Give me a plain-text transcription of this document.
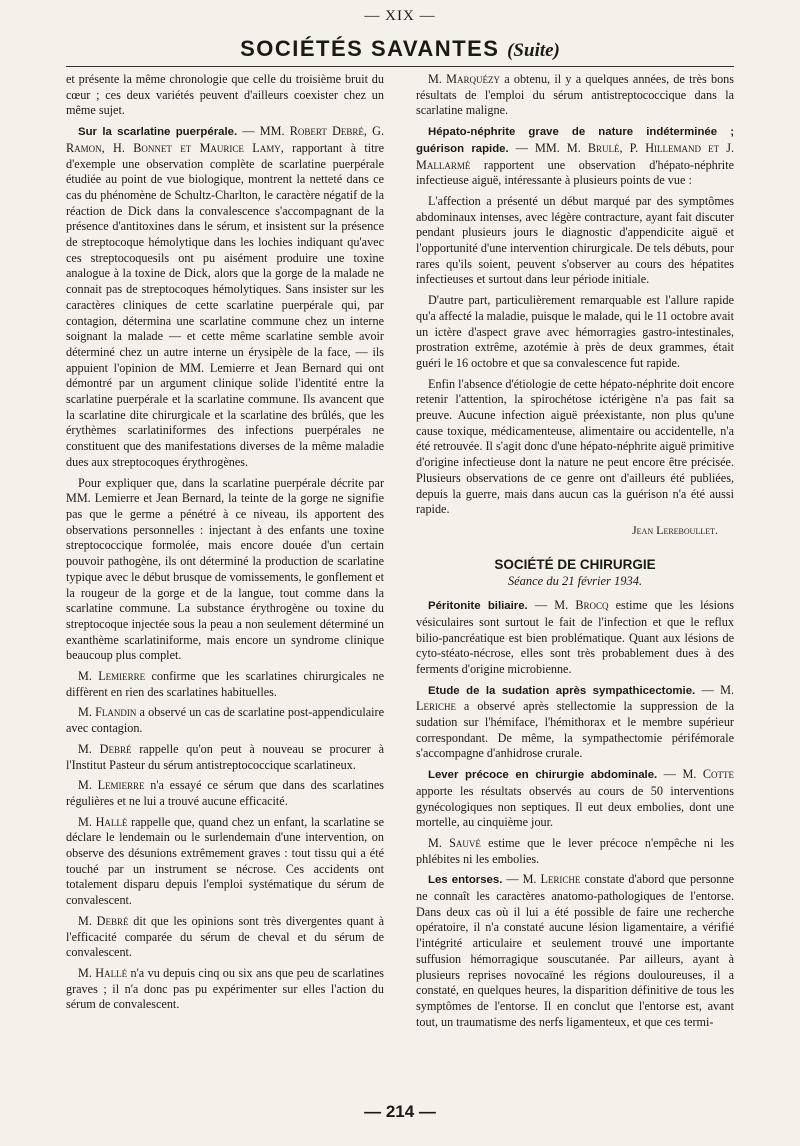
— XIX —
SOCIÉTÉS SAVANTES (Suite)

et présente la même chronologie que celle du troisième bruit du cœur ; ces deux variétés peuvent d'ailleurs coexister chez un même sujet.

Sur la scarlatine puerpérale. — MM. Robert Debré, G. Ramon, H. Bonnet et Maurice Lamy, rapportant à titre d'exemple une observation complète de scarlatine puerpérale étudiée au point de vue biologique, montrent la netteté dans ce cas du phénomène de Schultz-Charlton, le caractère négatif de la réaction de Dick dans la convalescence s'accompagnant de la présence d'antitoxines dans le sérum, et insistent sur la présence de streptocoque hémolytique dans les lochies indiquant qu'avec ces streptocoquesils ont pu aisément produire une toxine analogue à la toxine de Dick, alors que la gorge de la malade ne connait pas de streptocoques hémolytiques. Sans insister sur les caractères cliniques de cette scarlatine puerpérale qui, par contagion, détermina une scarlatine commune chez un interne soignant la malade — et cette même scarlatine semble avoir déterminé chez un autre interne un érysipèle de la face, — ils appuient l'opinion de MM. Lemierre et Jean Bernard qui ont démontré par un argument clinique solide l'identité entre la scarlatine puerpérale et la scarlatine commune. Ils avancent que la scarlatine dite chirurgicale et la scarlatine des brûlés, que les érythèmes scarlatiniformes des infections puerpérales ne constituent que des manifestations diverses de la même maladie dues aux streptocoques érythrogènes.

Pour expliquer que, dans la scarlatine puerpérale décrite par MM. Lemierre et Jean Bernard, la teinte de la gorge ne signifie pas que le germe a pénétré à ce niveau, ils apportent des observations personnelles : injectant à des enfants une toxine streptococcique formolée, mais encore douée d'un certain pouvoir pathogène, ils ont déterminé la production de scarlatine typique avec le début brusque de vomissements, le gonflement et la rougeur de la gorge et de la langue, tout comme dans la scarlatine commune. La substance érythrogène ou toxine du streptocoque injectée sous la peau a non seulement déterminé un exanthème scarlatiniforme, mais encore un syndrome clinique beaucoup plus complet.

M. Lemierre confirme que les scarlatines chirurgicales ne diffèrent en rien des scarlatines habituelles.

M. Flandin a observé un cas de scarlatine post-appendiculaire avec contagion.

M. Debré rappelle qu'on peut à nouveau se procurer à l'Institut Pasteur du sérum antistreptococcique scarlatineux.

M. Lemierre n'a essayé ce sérum que dans des scarlatines régulières et ne lui a trouvé aucune efficacité.

M. Hallé rappelle que, quand chez un enfant, la scarlatine se déclare le lendemain ou le surlendemain d'une intervention, on observe des désunions extrêmement graves : tout tissu qui a été touché par un instrument se nécrose. Ces accidents ont totalement disparu depuis l'emploi systématique du sérum de convalescent.

M. Debré dit que les opinions sont très divergentes quant à l'efficacité comparée du sérum de cheval et du sérum de convalescent.

M. Hallé n'a vu depuis cinq ou six ans que peu de scarlatines graves ; il n'a donc pas pu expérimenter sur elles l'action du sérum de convalescent.

M. Marquézy a obtenu, il y a quelques années, de très bons résultats de l'emploi du sérum antistreptococcique dans la scarlatine maligne.

Hépato-néphrite grave de nature indéterminée ; guérison rapide. — MM. M. Brulé, P. Hillemand et J. Mallarmé rapportent une observation d'hépato-néphrite infectieuse aiguë, intéressante à plusieurs points de vue :

L'affection a présenté un début marqué par des symptômes abdominaux intenses, avec légère contracture, ayant fait discuter pendant plusieurs jours le diagnostic d'appendicite aiguë et l'opportunité d'une intervention chirurgicale. De tels débuts, pour rares qu'ils soient, peuvent s'observer au cours des hépatites infectieuses et surtout dans leur période initiale.

D'autre part, particulièrement remarquable est l'allure rapide qu'a affecté la maladie, puisque le malade, qui le 11 octobre avait un ictère d'aspect grave avec hémorragies gastro-intestinales, prostration extrême, azotémie à près de deux grammes, était guéri le 16 octobre et que sa convalescence fut rapide.

Enfin l'absence d'étiologie de cette hépato-néphrite doit encore retenir l'attention, la spirochétose ictérigène n'a pas fait sa preuve. Aucune infection aiguë préexistante, non plus qu'une cause toxique, médicamenteuse, alimentaire ou accidentelle, n'a été retrouvée. Il s'agit donc d'une hépato-néphrite aiguë primitive d'origine infectieuse dont la nature ne peut encore être précisée. Plusieurs observations de ce genre ont d'ailleurs été publiées, depuis la guerre, mais dans aucun cas la guérison n'a été aussi rapide.

Jean Lereboullet.
SOCIÉTÉ DE CHIRURGIE
Séance du 21 février 1934.

Péritonite biliaire. — M. Brocq estime que les lésions vésiculaires sont surtout le fait de l'infection et que le reflux bilio-pancréatique est bien problématique. Quant aux lésions de cyto-stéato-nécrose, elles sont très probablement dues à des ferments d'origine microbienne.

Etude de la sudation après sympathicectomie. — M. Leriche a observé après stellectomie la suppression de la sudation sur l'hémiface, l'hémithorax et le membre supérieur correspondant. De même, la sympathectomie périfémorale s'accompagne d'anhidrose crurale.

Lever précoce en chirurgie abdominale. — M. Cotte apporte les résultats observés au cours de 50 interventions gynécologiques non septiques. Il eut deux embolies, dont une mortelle, au cinquième jour.

M. Sauvé estime que le lever précoce n'empêche ni les phlébites ni les embolies.

Les entorses. — M. Leriche constate d'abord que personne ne connaît les caractères anatomo-pathologiques de l'entorse. Dans deux cas où il lui a été possible de faire une recherche opératoire, il n'a constaté aucune lésion ligamentaire, a vérifié l'intégrité articulaire et seulement trouvé une importante suffusion hémorragique souscutanée. Par ailleurs, ayant à plusieurs reprises novocaïné les régions douloureuses, il a constaté, en quelques heures, la disparition définitive de tous les symptômes de l'entorse. Il en conclut que l'entorse est, avant tout, un traumatisme des nerfs ligamenteux, et que ces termi-

— 214 —
